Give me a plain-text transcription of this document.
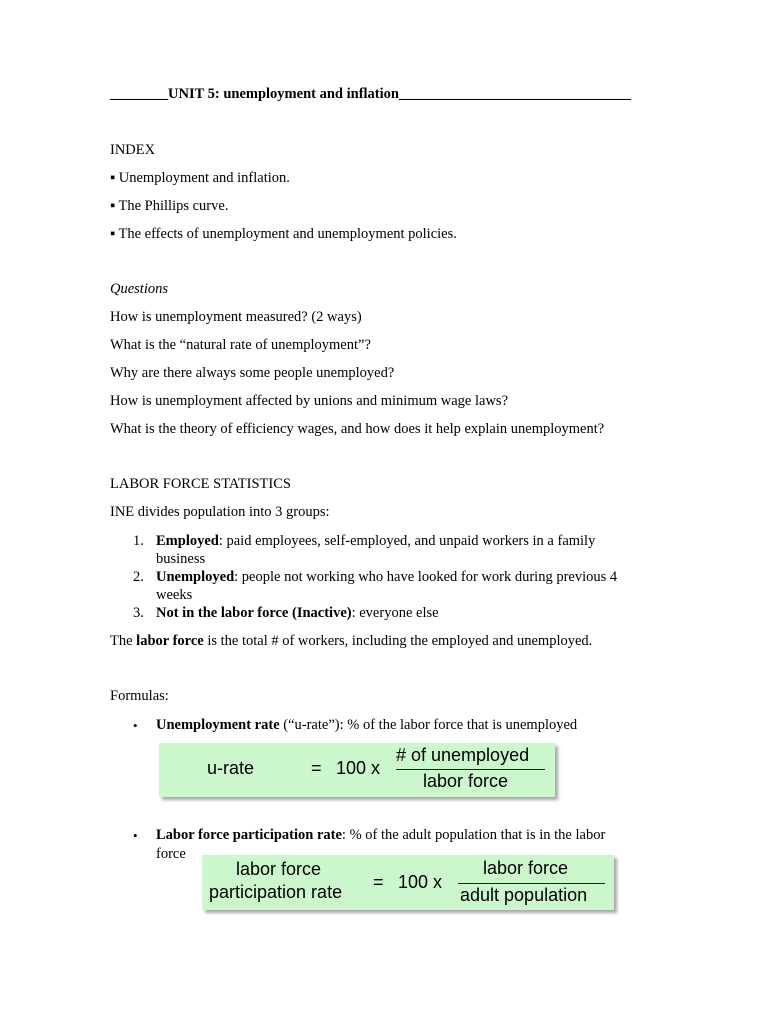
________UNIT 5: unemployment and inflation________________________________
INDEX
▪ Unemployment and inflation.
▪ The Phillips curve.
▪ The effects of unemployment and unemployment policies.
Questions
How is unemployment measured? (2 ways)
What is the “natural rate of unemployment”?
Why are there always some people unemployed?
How is unemployment affected by unions and minimum wage laws?
What is the theory of efficiency wages, and how does it help explain unemployment?
LABOR FORCE STATISTICS
INE divides population into 3 groups:
1. Employed: paid employees, self-employed, and unpaid workers in a family
business
2. Unemployed: people not working who have looked for work during previous 4
weeks
3. Not in the labor force (Inactive): everyone else
The labor force is the total # of workers, including the employed and unemployed.
Formulas:
• Unemployment rate (“u-rate”): % of the labor force that is unemployed
u-rate	= 100 x
# of unemployed
labor force
• Labor force participation rate: % of the adult population that is in the labor
force
labor force
participation rate = 100 x
labor force
adult population
